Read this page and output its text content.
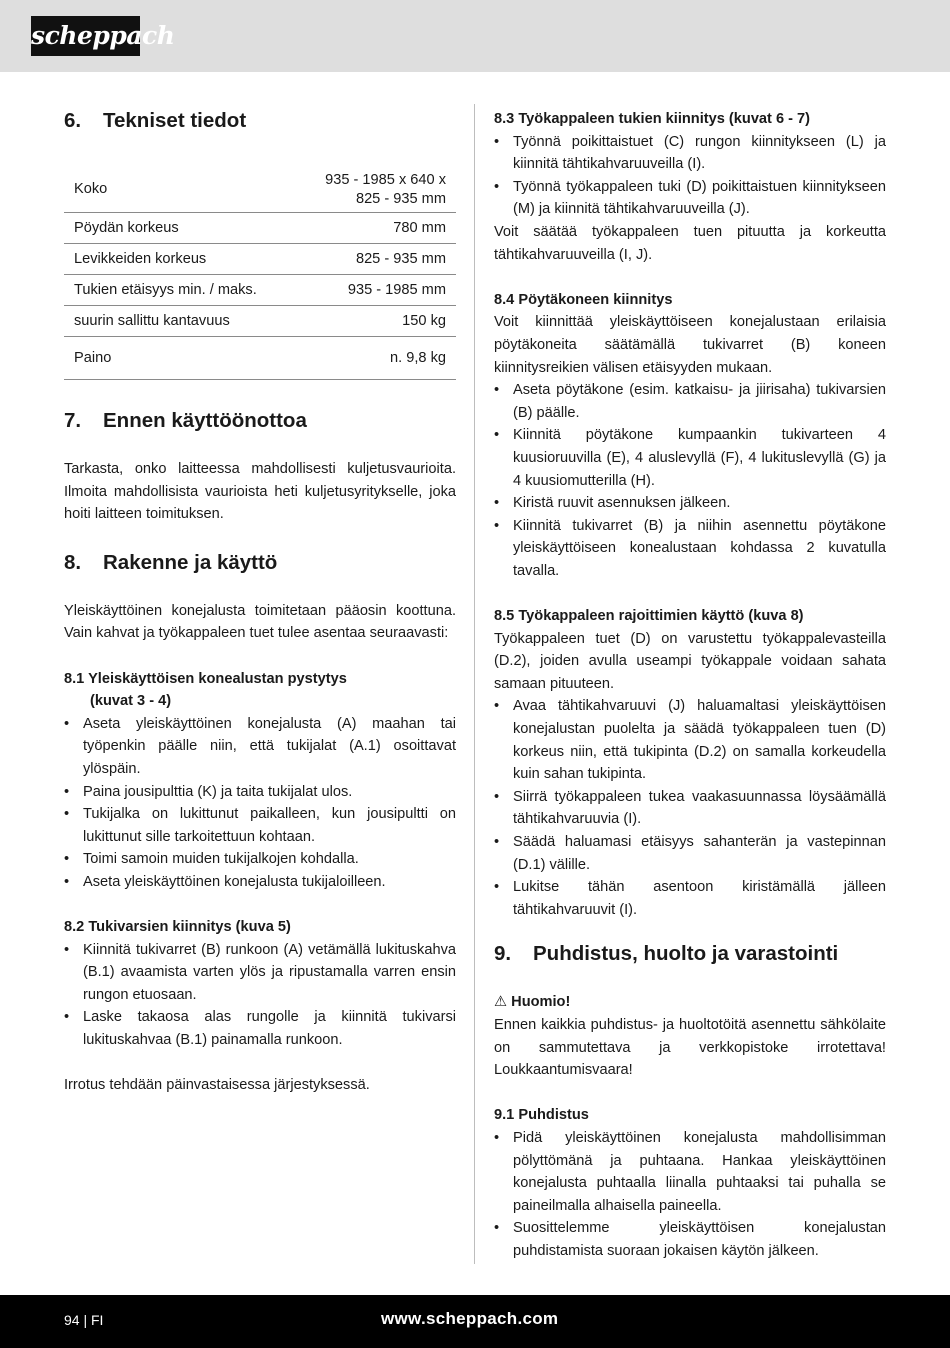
scheppach
6.	Tekniset tiedot
Koko	935 - 1985 x 640 x
825 - 935 mm
Pöydän korkeus	780 mm
Levikkeiden korkeus	825 - 935 mm
Tukien etäisyys min. / maks.	935 - 1985 mm
suurin sallittu kantavuus	150 kg
Paino	n. 9,8 kg
7.	Ennen käyttöönottoa

Tarkasta, onko laitteessa mahdollisesti kuljetusvaurioita. Ilmoita mahdollisista vaurioista heti kuljetusyritykselle, joka hoiti laitteen toimituksen.

8.	Rakenne ja käyttö

Yleiskäyttöinen konejalusta toimitetaan pääosin koottuna. Vain kahvat ja työkappaleen tuet tulee asentaa seuraavasti:

8.1 Yleiskäyttöisen konealustan pystytys
(kuvat 3 - 4)
• Aseta yleiskäyttöinen konejalusta (A) maahan tai työpenkin päälle niin, että tukijalat (A.1) osoittavat ylöspäin.
• Paina jousipulttia (K) ja taita tukijalat ulos.
• Tukijalka on lukittunut paikalleen, kun jousipultti on lukittunut sille tarkoitettuun kohtaan.
• Toimi samoin muiden tukijalkojen kohdalla.
• Aseta yleiskäyttöinen konejalusta tukijaloilleen.
8.2 Tukivarsien kiinnitys (kuva 5)
• Kiinnitä tukivarret (B) runkoon (A) vetämällä lukituskahva (B.1) avaamista varten ylös ja ripustamalla varren ensin rungon etuosaan.
• Laske takaosa alas rungolle ja kiinnitä tukivarsi lukituskahvaa (B.1) painamalla runkoon.

Irrotus tehdään päinvastaisessa järjestyksessä.

8.3 Työkappaleen tukien kiinnitys (kuvat 6 - 7)
• Työnnä poikittaistuet (C) rungon kiinnitykseen (L) ja kiinnitä tähtikahvaruuveilla (I).
• Työnnä työkappaleen tuki (D) poikittaistuen kiinnitykseen (M) ja kiinnitä tähtikahvaruuveilla (J).

Voit säätää työkappaleen tuen pituutta ja korkeutta tähtikahvaruuveilla (I, J).

8.4 Pöytäkoneen kiinnitys

Voit kiinnittää yleiskäyttöiseen konejalustaan erilaisia pöytäkoneita säätämällä tukivarret (B) koneen kiinnitysreikien välisen etäisyyden mukaan.

• Aseta pöytäkone (esim. katkaisu- ja jiirisaha) tukivarsien (B) päälle.
• Kiinnitä pöytäkone kumpaankin tukivarteen 4 kuusioruuvilla (E), 4 aluslevyllä (F), 4 lukituslevyllä (G) ja 4 kuusiomutterilla (H).
• Kiristä ruuvit asennuksen jälkeen.
• Kiinnitä tukivarret (B) ja niihin asennettu pöytäkone yleiskäyttöiseen konealustaan kohdassa 2 kuvatulla tavalla.
8.5 Työkappaleen rajoittimien käyttö (kuva 8)

Työkappaleen tuet (D) on varustettu työkappalevasteilla (D.2), joiden avulla useampi työkappale voidaan sahata samaan pituuteen.

• Avaa tähtikahvaruuvi (J) haluamaltasi yleiskäyttöisen konejalustan puolelta ja säädä työkappaleen tuen (D) korkeus niin, että tukipinta (D.2) on samalla korkeudella kuin sahan tukipinta.
• Siirrä työkappaleen tukea vaakasuunnassa löysäämällä tähtikahvaruuvia (I).
• Säädä haluamasi etäisyys sahanterän ja vastepinnan (D.1) välille.
• Lukitse tähän asentoon kiristämällä jälleen tähtikahvaruuvit (I).
9.	Puhdistus, huolto ja varastointi
⚠ Huomio!

Ennen kaikkia puhdistus- ja huoltotöitä asennettu sähkölaite on sammutettava ja verkkopistoke irrotettava! Loukkaantumisvaara!

9.1 Puhdistus
• Pidä yleiskäyttöinen konejalusta mahdollisimman pölyttömänä ja puhtaana. Hankaa yleiskäyttöinen konejalusta puhtaalla liinalla puhtaaksi tai puhalla se paineilmalla alhaisella paineella.
• Suosittelemme yleiskäyttöisen konejalustan puhdistamista suoraan jokaisen käytön jälkeen.
94 | FI	www.scheppach.com
